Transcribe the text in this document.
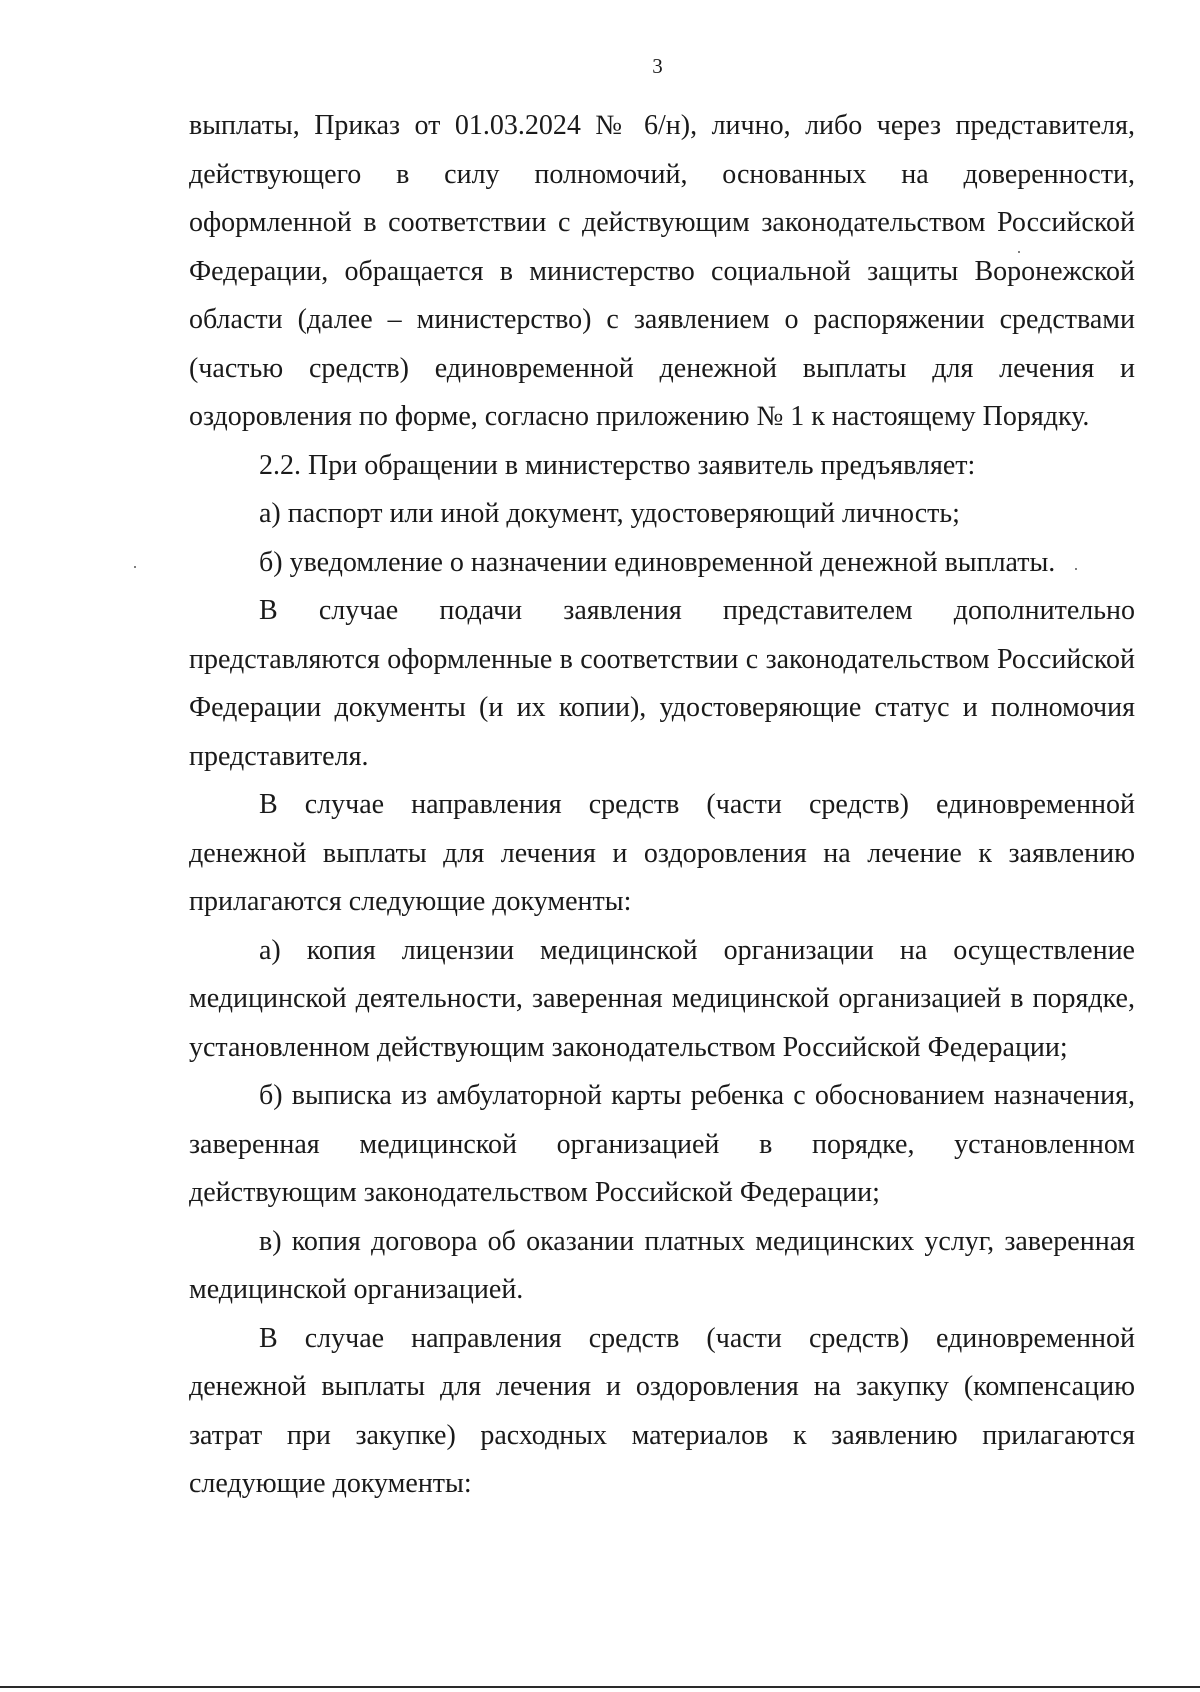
3

выплаты, Приказ от 01.03.2024 № 6/н), лично, либо через представителя, действующего в силу полномочий, основанных на доверенности, оформленной в соответствии с действующим законодательством Российской Федерации, обращается в министерство социальной защиты Воронежской области (далее – министерство) с заявлением о распоряжении средствами (частью средств) единовременной денежной выплаты для лечения и оздоровления по форме, согласно приложению № 1 к настоящему Порядку.

2.2. При обращении в министерство заявитель предъявляет:

а) паспорт или иной документ, удостоверяющий личность;

б) уведомление о назначении единовременной денежной выплаты.

В случае подачи заявления представителем дополнительно представляются оформленные в соответствии с законодательством Российской Федерации документы (и их копии), удостоверяющие статус и полномочия представителя.

В случае направления средств (части средств) единовременной денежной выплаты для лечения и оздоровления на лечение к заявлению прилагаются следующие документы:

а) копия лицензии медицинской организации на осуществление медицинской деятельности, заверенная медицинской организацией в порядке, установленном действующим законодательством Российской Федерации;

б) выписка из амбулаторной карты ребенка с обоснованием назначения, заверенная медицинской организацией в порядке, установленном действующим законодательством Российской Федерации;

в) копия договора об оказании платных медицинских услуг, заверенная медицинской организацией.

В случае направления средств (части средств) единовременной денежной выплаты для лечения и оздоровления на закупку (компенсацию затрат при закупке) расходных материалов к заявлению прилагаются следующие документы:
